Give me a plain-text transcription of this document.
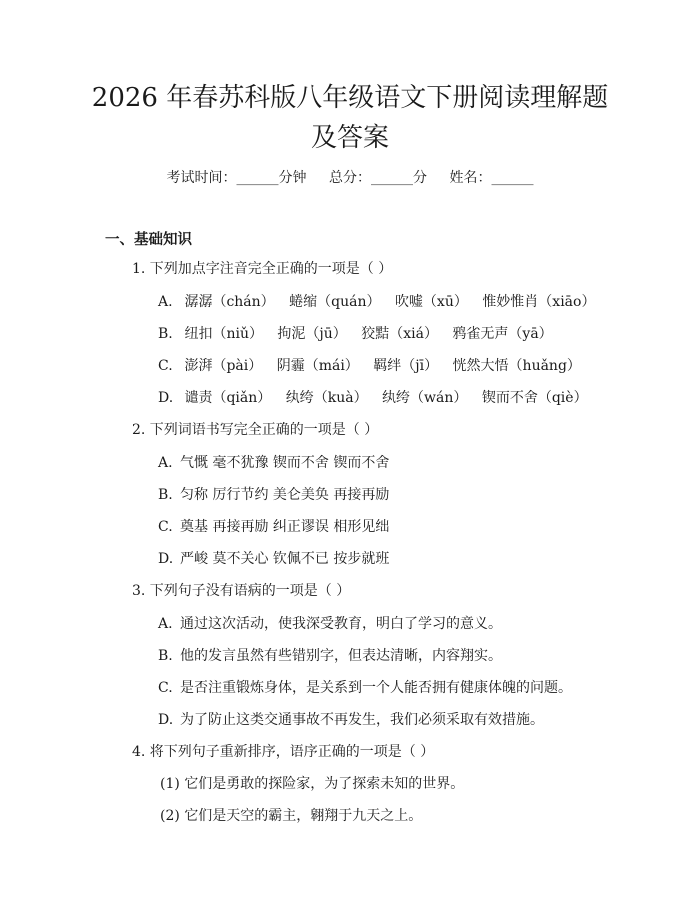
2026 年春苏科版八年级语文下册阅读理解题
及答案
考试时间：______分钟 总分：______分 姓名：______
一、基础知识
1. 下列加点字注音完全正确的一项是（ ）
A. 潺潺（chán） 蜷缩（quán） 吹嘘（xū） 惟妙惟肖（xiāo）
B. 纽扣（niǔ） 拘泥（jū） 狡黠（xiá） 鸦雀无声（yā）
C. 澎湃（pài） 阴霾（mái） 羁绊（jī） 恍然大悟（huǎng）
D. 谴责（qiǎn） 纨绔（kuà） 纨绔（wán） 锲而不舍（qiè）
2. 下列词语书写完全正确的一项是（ ）
A. 气慨 毫不犹豫 锲而不舍 锲而不舍
B. 匀称 厉行节约 美仑美奂 再接再励
C. 奠基 再接再励 纠正谬误 相形见绌
D. 严峻 莫不关心 钦佩不已 按步就班
3. 下列句子没有语病的一项是（ ）
A. 通过这次活动，使我深受教育，明白了学习的意义。
B. 他的发言虽然有些错别字，但表达清晰，内容翔实。
C. 是否注重锻炼身体，是关系到一个人能否拥有健康体魄的问题。
D. 为了防止这类交通事故不再发生，我们必须采取有效措施。
4. 将下列句子重新排序，语序正确的一项是（ ）
(1) 它们是勇敢的探险家，为了探索未知的世界。
(2) 它们是天空的霸主，翱翔于九天之上。
